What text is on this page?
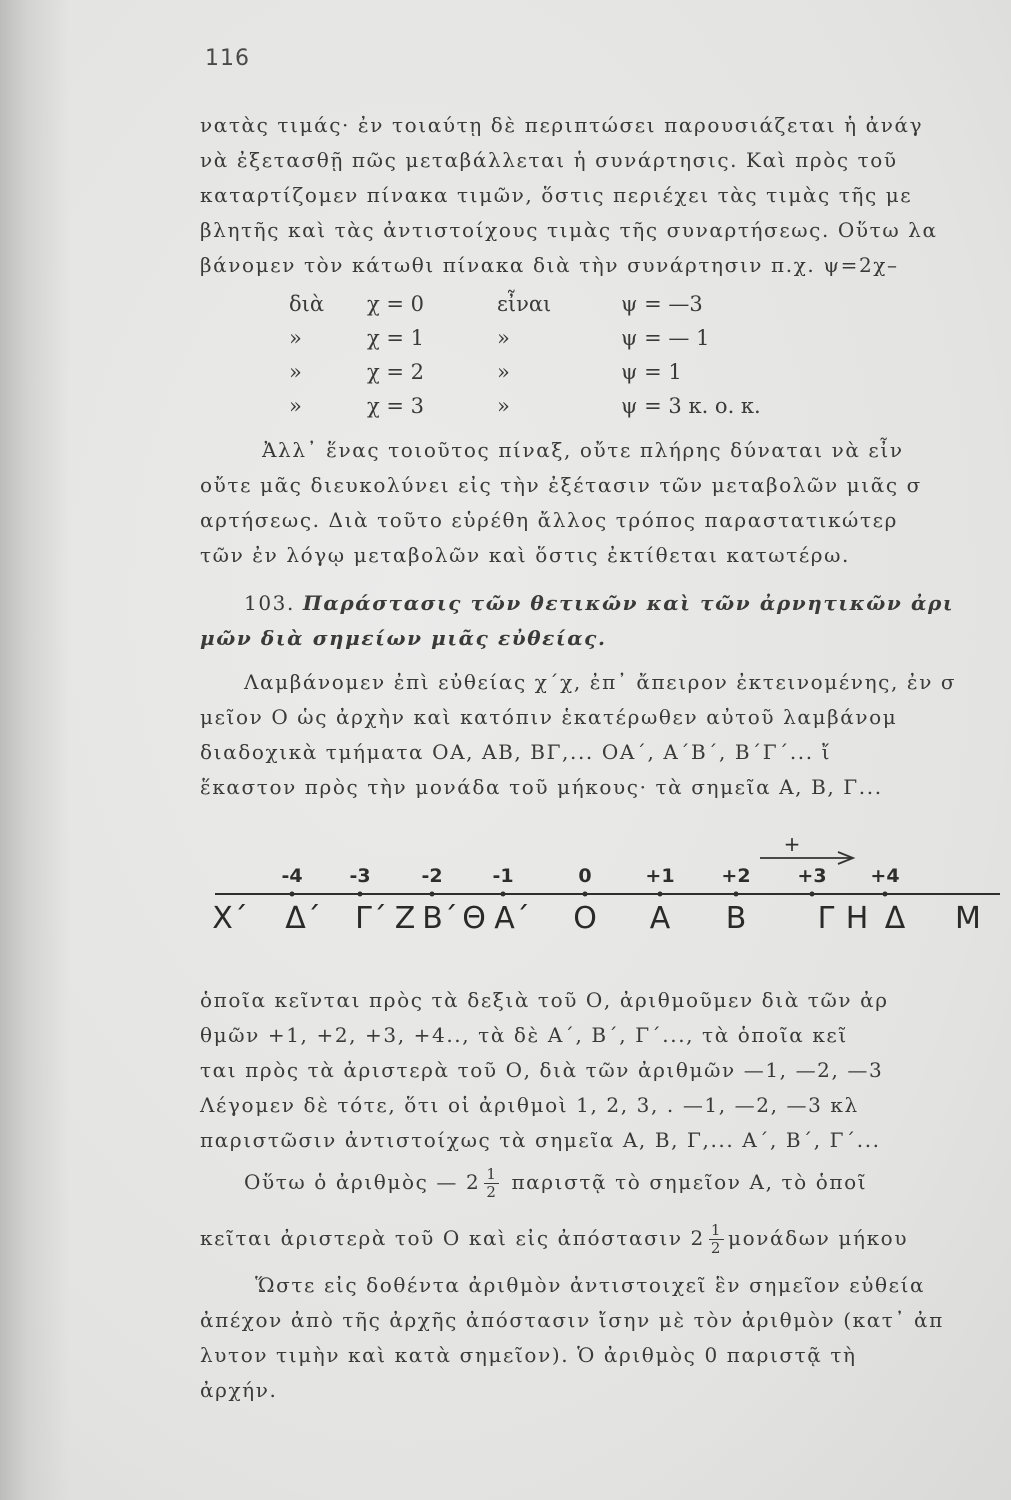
116
νατὰς τιμάς· ἐν τοιαύτῃ δὲ περιπτώσει παρουσιάζεται ἡ ἀνάγ
νὰ ἐξετασθῇ πῶς μεταβάλλεται ἡ συνάρτησις. Καὶ πρὸς τοῦ
καταρτίζομεν πίνακα τιμῶν, ὅστις περιέχει τὰς τιμὰς τῆς με
βλητῆς καὶ τὰς ἀντιστοίχους τιμὰς τῆς συναρτήσεως. Οὕτω λα
βάνομεν τὸν κάτωθι πίνακα διὰ τὴν συνάρτησιν π.χ. ψ=2χ–
διὰ χ = 0	εἶναι	ψ = —3
»	χ = 1	»	ψ = — 1
»	χ = 2	»	ψ = 1
»	χ = 3	»	ψ = 3 κ. ο. κ.
Ἀλλ᾽ ἕνας τοιοῦτος πίναξ, οὔτε πλήρης δύναται νὰ εἶν
οὔτε μᾶς διευκολύνει εἰς τὴν ἐξέτασιν τῶν μεταβολῶν μιᾶς σ
αρτήσεως. Διὰ τοῦτο εὑρέθη ἄλλος τρόπος παραστατικώτερ
τῶν ἐν λόγῳ μεταβολῶν καὶ ὅστις ἐκτίθεται κατωτέρω.
103. Παράστασις τῶν θετικῶν καὶ τῶν ἀρνητικῶν ἀρι
μῶν διὰ σημείων μιᾶς εὐθείας.
Λαμβάνομεν ἐπὶ εὐθείας χ΄χ, ἐπ᾽ ἄπειρον ἐκτεινομένης, ἐν σ
μεῖον Ο ὡς ἀρχὴν καὶ κατόπιν ἑκατέρωθεν αὐτοῦ λαμβάνομ
διαδοχικὰ τμήματα ΟΑ, ΑΒ, ΒΓ,... ΟΑ΄, Α΄Β΄, Β΄Γ΄... ἴ
ἕκαστον πρὸς τὴν μονάδα τοῦ μήκους· τὰ σημεῖα Α, Β, Γ...
+
-4 -3	-2	-1	0	+1 +2 +3 +4
Χ΄ Δ΄ Γ΄ Ζ Β΄ Θ Α΄ Ο Α Β Γ Η Δ Μ
ὁποῖα κεῖνται πρὸς τὰ δεξιὰ τοῦ Ο, ἀριθμοῦμεν διὰ τῶν ἀρ
θμῶν +1, +2, +3, +4.., τὰ δὲ Α΄, Β΄, Γ΄..., τὰ ὁποῖα κεῖ
ται πρὸς τὰ ἀριστερὰ τοῦ Ο, διὰ τῶν ἀριθμῶν —1, —2, —3
Λέγομεν δὲ τότε, ὅτι οἱ ἀριθμοὶ 1, 2, 3, . —1, —2, —3 κλ
παριστῶσιν ἀντιστοίχως τὰ σημεῖα Α, Β, Γ,... Α΄, Β΄, Γ΄...
Οὕτω ὁ ἀριθμὸς — $2 \frac{1}{2}$ παριστᾷ τὸ σημεῖον Α, τὸ ὁποῖ
κεῖται ἀριστερὰ τοῦ Ο καὶ εἰς ἀπόστασιν $2 \frac{1}{2}$ μονάδων μήκου
Ὥστε εἰς δοθέντα ἀριθμὸν ἀντιστοιχεῖ ἓν σημεῖον εὐθεία
ἀπέχον ἀπὸ τῆς ἀρχῆς ἀπόστασιν ἴσην μὲ τὸν ἀριθμὸν (κατ᾽ ἀπ
λυτον τιμὴν καὶ κατὰ σημεῖον). Ὁ ἀριθμὸς 0 παριστᾷ τὴ
ἀρχήν.
